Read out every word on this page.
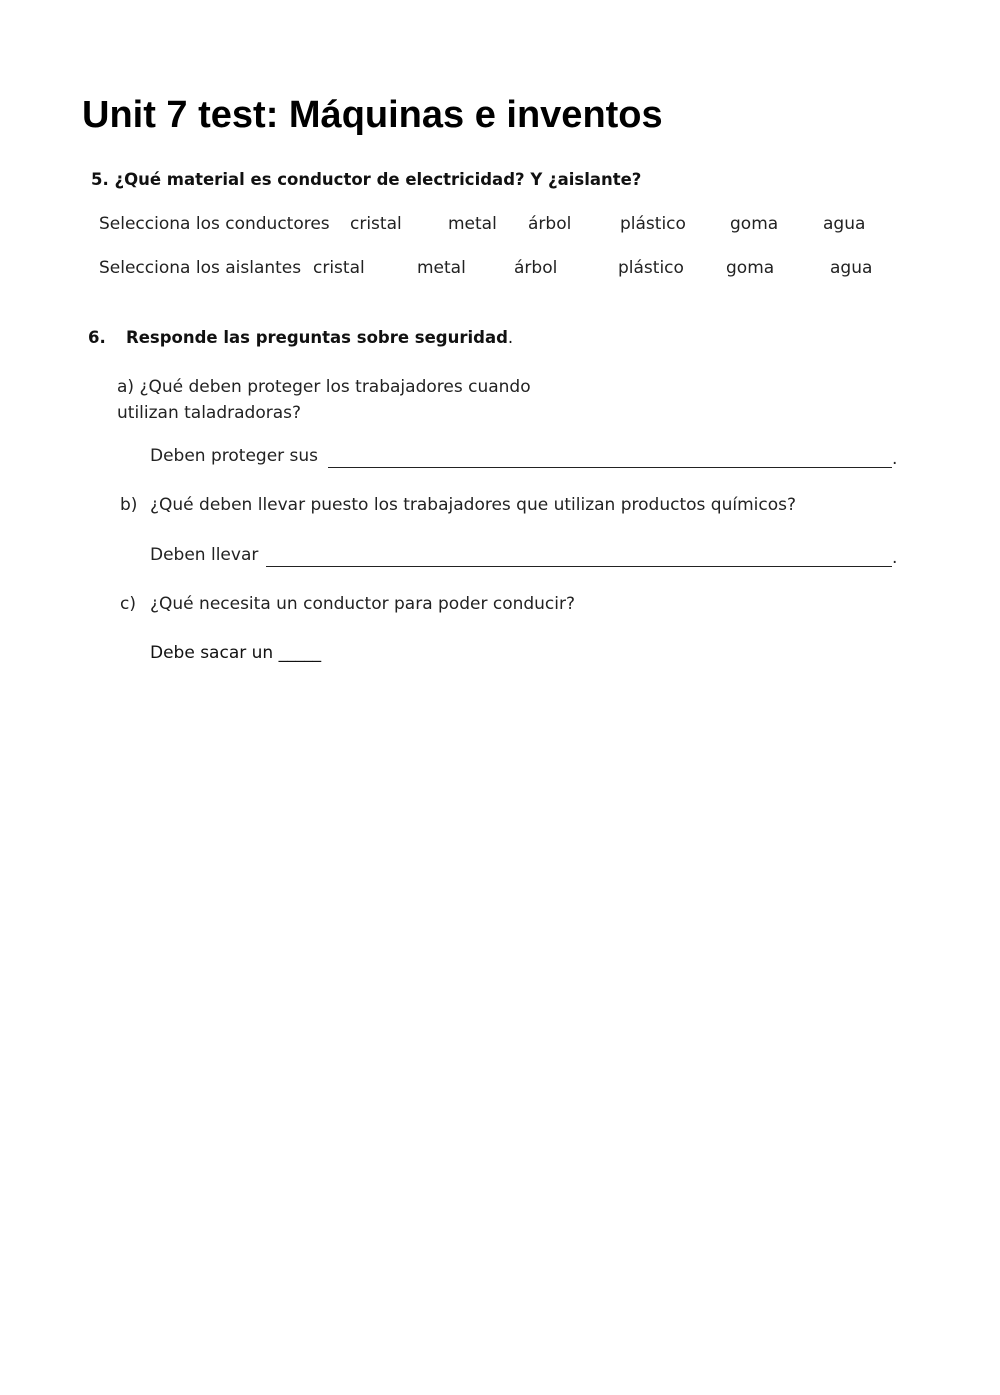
Unit 7 test: Máquinas e inventos
5. ¿Qué material es conductor de electricidad? Y ¿aislante?
Selecciona los conductores cristal	metal árbol	plástico	goma	agua
Selecciona los aislantes cristal	metal	árbol	plástico goma	agua
6. Responde las preguntas sobre seguridad.
a) ¿Qué deben proteger los trabajadores cuando utilizan taladradoras?
Deben proteger sus	.
b) ¿Qué deben llevar puesto los trabajadores que utilizan productos químicos?
Deben llevar	.
c) ¿Qué necesita un conductor para poder conducir?
Debe sacar un _____
